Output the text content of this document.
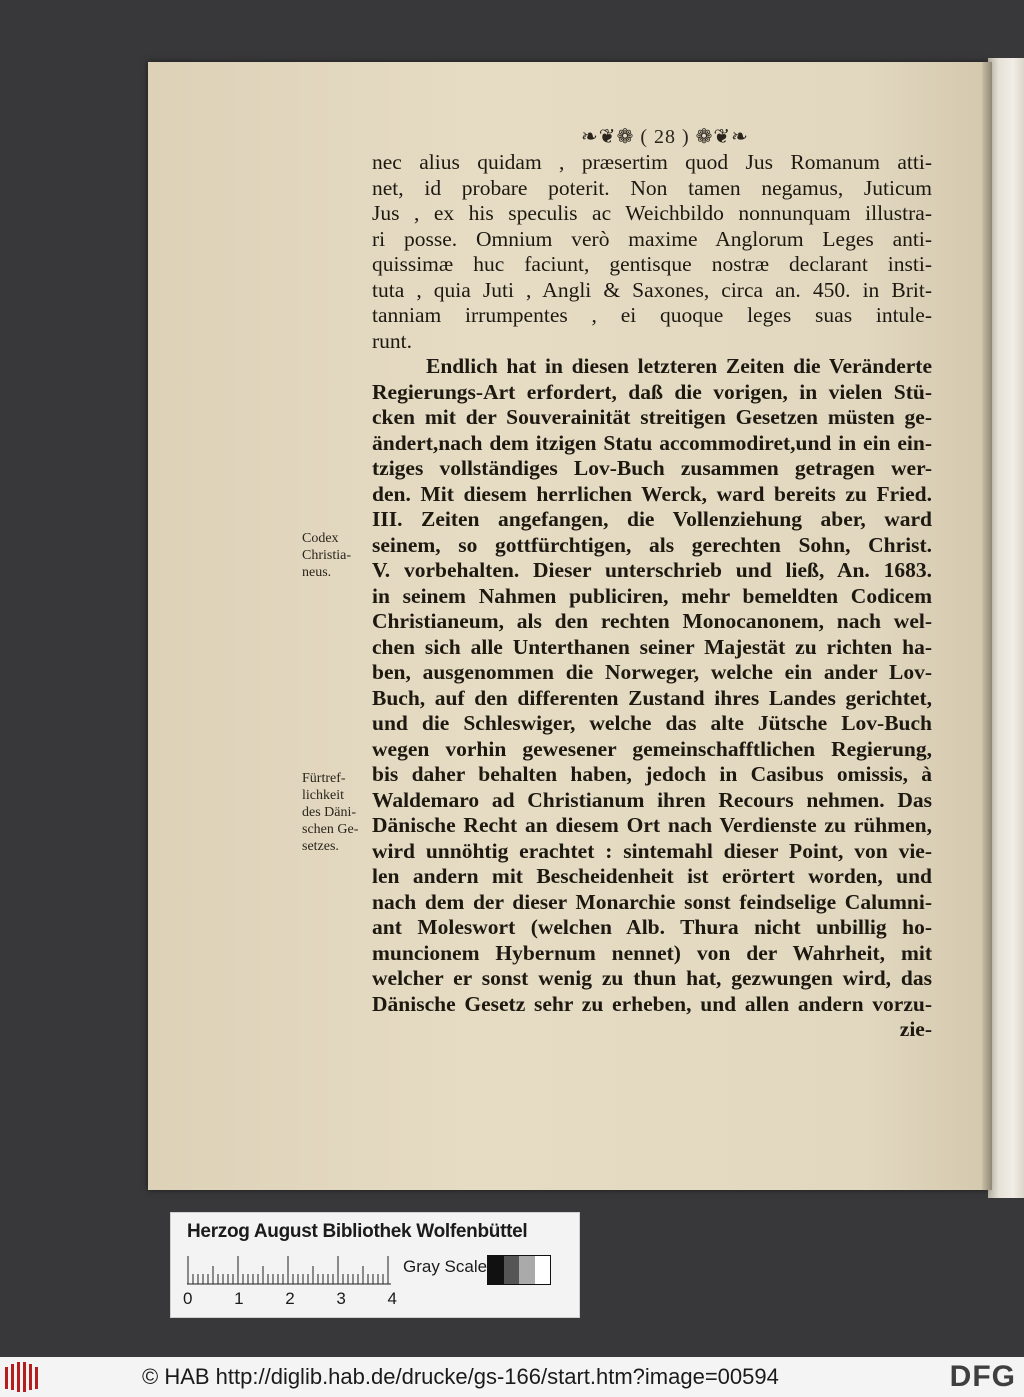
❧❦❁ ( 28 ) ❁❦❧
Codex
Christia-
neus.
Fürtref-
lichkeit
des Däni-
schen Ge-
setzes.
nec alius quidam , præsertim quod Jus Romanum atti-
net, id probare poterit. Non tamen negamus, Juticum
Jus , ex his speculis ac Weichbildo nonnunquam illustra-
ri posse. Omnium verò maxime Anglorum Leges anti-
quissimæ huc faciunt, gentisque nostræ declarant insti-
tuta , quia Juti , Angli & Saxones, circa an. 450. in Brit-
tanniam irrumpentes , ei quoque leges suas intule-
runt.
Endlich hat in diesen letzteren Zeiten die Veränderte
Regierungs-Art erfordert, daß die vorigen, in vielen Stü-
cken mit der Souverainität streitigen Gesetzen müsten ge-
ändert,nach dem itzigen Statu accommodiret,und in ein ein-
tziges vollständiges Lov-Buch zusammen getragen wer-
den. Mit diesem herrlichen Werck, ward bereits zu Fried.
III. Zeiten angefangen, die Vollenziehung aber, ward
seinem, so gottfürchtigen, als gerechten Sohn, Christ.
V. vorbehalten. Dieser unterschrieb und ließ, An. 1683.
in seinem Nahmen publiciren, mehr bemeldten Codicem
Christianeum, als den rechten Monocanonem, nach wel-
chen sich alle Unterthanen seiner Majestät zu richten ha-
ben, ausgenommen die Norweger, welche ein ander Lov-
Buch, auf den differenten Zustand ihres Landes gerichtet,
und die Schleswiger, welche das alte Jütsche Lov-Buch
wegen vorhin gewesener gemeinschafftlichen Regierung,
bis daher behalten haben, jedoch in Casibus omissis, à
Waldemaro ad Christianum ihren Recours nehmen. Das
Dänische Recht an diesem Ort nach Verdienste zu rühmen,
wird unnöhtig erachtet : sintemahl dieser Point, von vie-
len andern mit Bescheidenheit ist erörtert worden, und
nach dem der dieser Monarchie sonst feindselige Calumni-
ant Moleswort (welchen Alb. Thura nicht unbillig ho-
muncionem Hybernum nennet) von der Wahrheit, mit
welcher er sonst wenig zu thun hat, gezwungen wird, das
Dänische Gesetz sehr zu erheben, und allen andern vorzu-
zie-
Herzog August Bibliothek Wolfenbüttel
Gray Scale
0 1 2 3 4
© HAB http://diglib.hab.de/drucke/gs-166/start.htm?image=00594	DFG
